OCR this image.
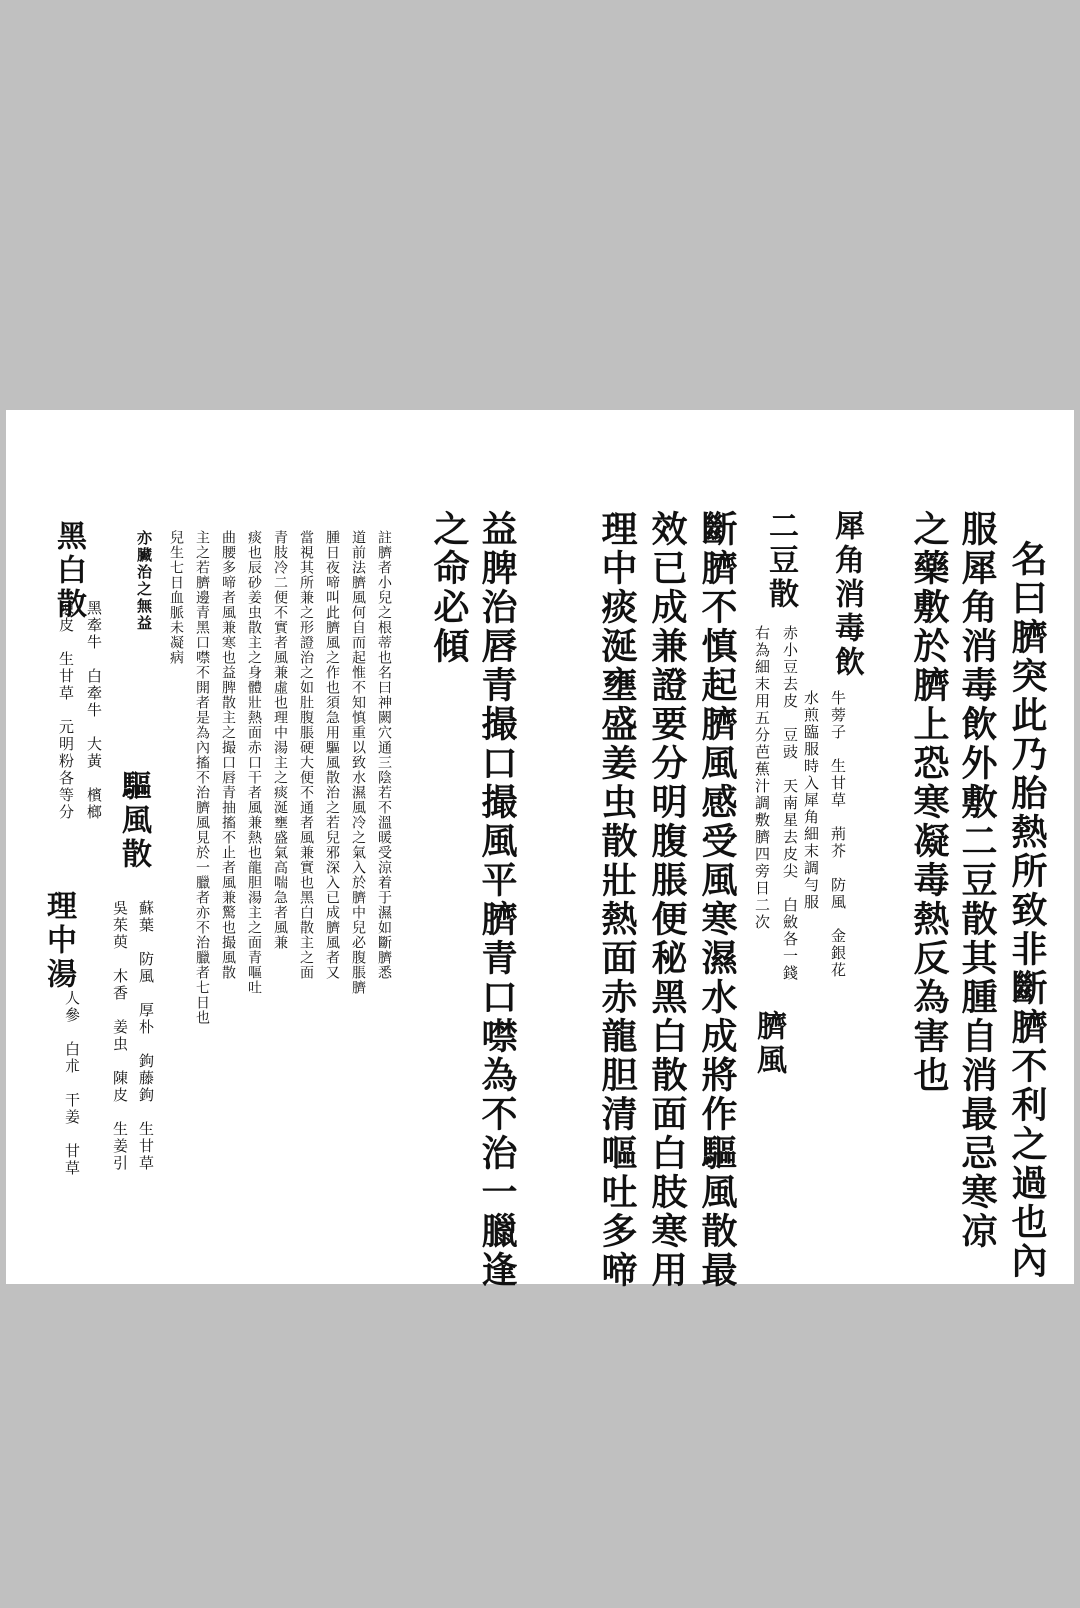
名曰臍突此乃胎熱所致非斷臍不利之過也內
服犀角消毒飲外敷二豆散其腫自消最忌寒凉
之藥敷於臍上恐寒凝毒熱反為害也
犀角消毒飲
牛蒡子　生甘草　荊芥　防風　金銀花
水煎臨服時入犀角細末調勻服
二豆散
赤小豆去皮　豆豉　天南星去皮尖　白斂各一錢
右為細末用五分芭蕉汁調敷臍四旁日二次
臍風
斷臍不慎起臍風感受風寒濕水成將作驅風散最
效已成兼證要分明腹脹便秘黑白散面白肢寒用
理中痰涎壅盛姜虫散壯熱面赤龍胆清嘔吐多啼
益脾治唇青撮口撮風平臍青口噤為不治一臘逢
之命必傾
註臍者小兒之根蒂也名曰神闕穴通三陰若不溫暖受涼着于濕如斷臍悉
道前法臍風何自而起惟不知慎重以致水濕風冷之氣入於臍中兒必腹脹臍
腫日夜啼叫此臍風之作也須急用驅風散治之若兒邪深入已成臍風者又
當視其所兼之形證治之如肚腹脹硬大便不通者風兼實也黑白散主之面
青肢冷二便不實者風兼虛也理中湯主之痰涎壅盛氣高喘急者風兼
痰也辰砂姜虫散主之身體壯熱面赤口干者風兼熱也龍胆湯主之面青嘔吐
曲腰多啼者風兼寒也益脾散主之撮口唇青抽搐不止者風兼驚也撮風散
主之若臍邊青黑口噤不開者是為內搐不治臍風見於一臘者亦不治臘者七日也
兒生七日血脈未凝病
亦臟治之無益
驅風散
蘇葉　防風　厚朴　鉤藤鉤　生甘草
吳茱萸　木香　姜虫　陳皮　生姜引
黑白散
黑牽牛　白牽牛　大黃　檳榔
陳皮　生甘草　元明粉各等分
理中湯
人參　白朮　干姜　甘草
